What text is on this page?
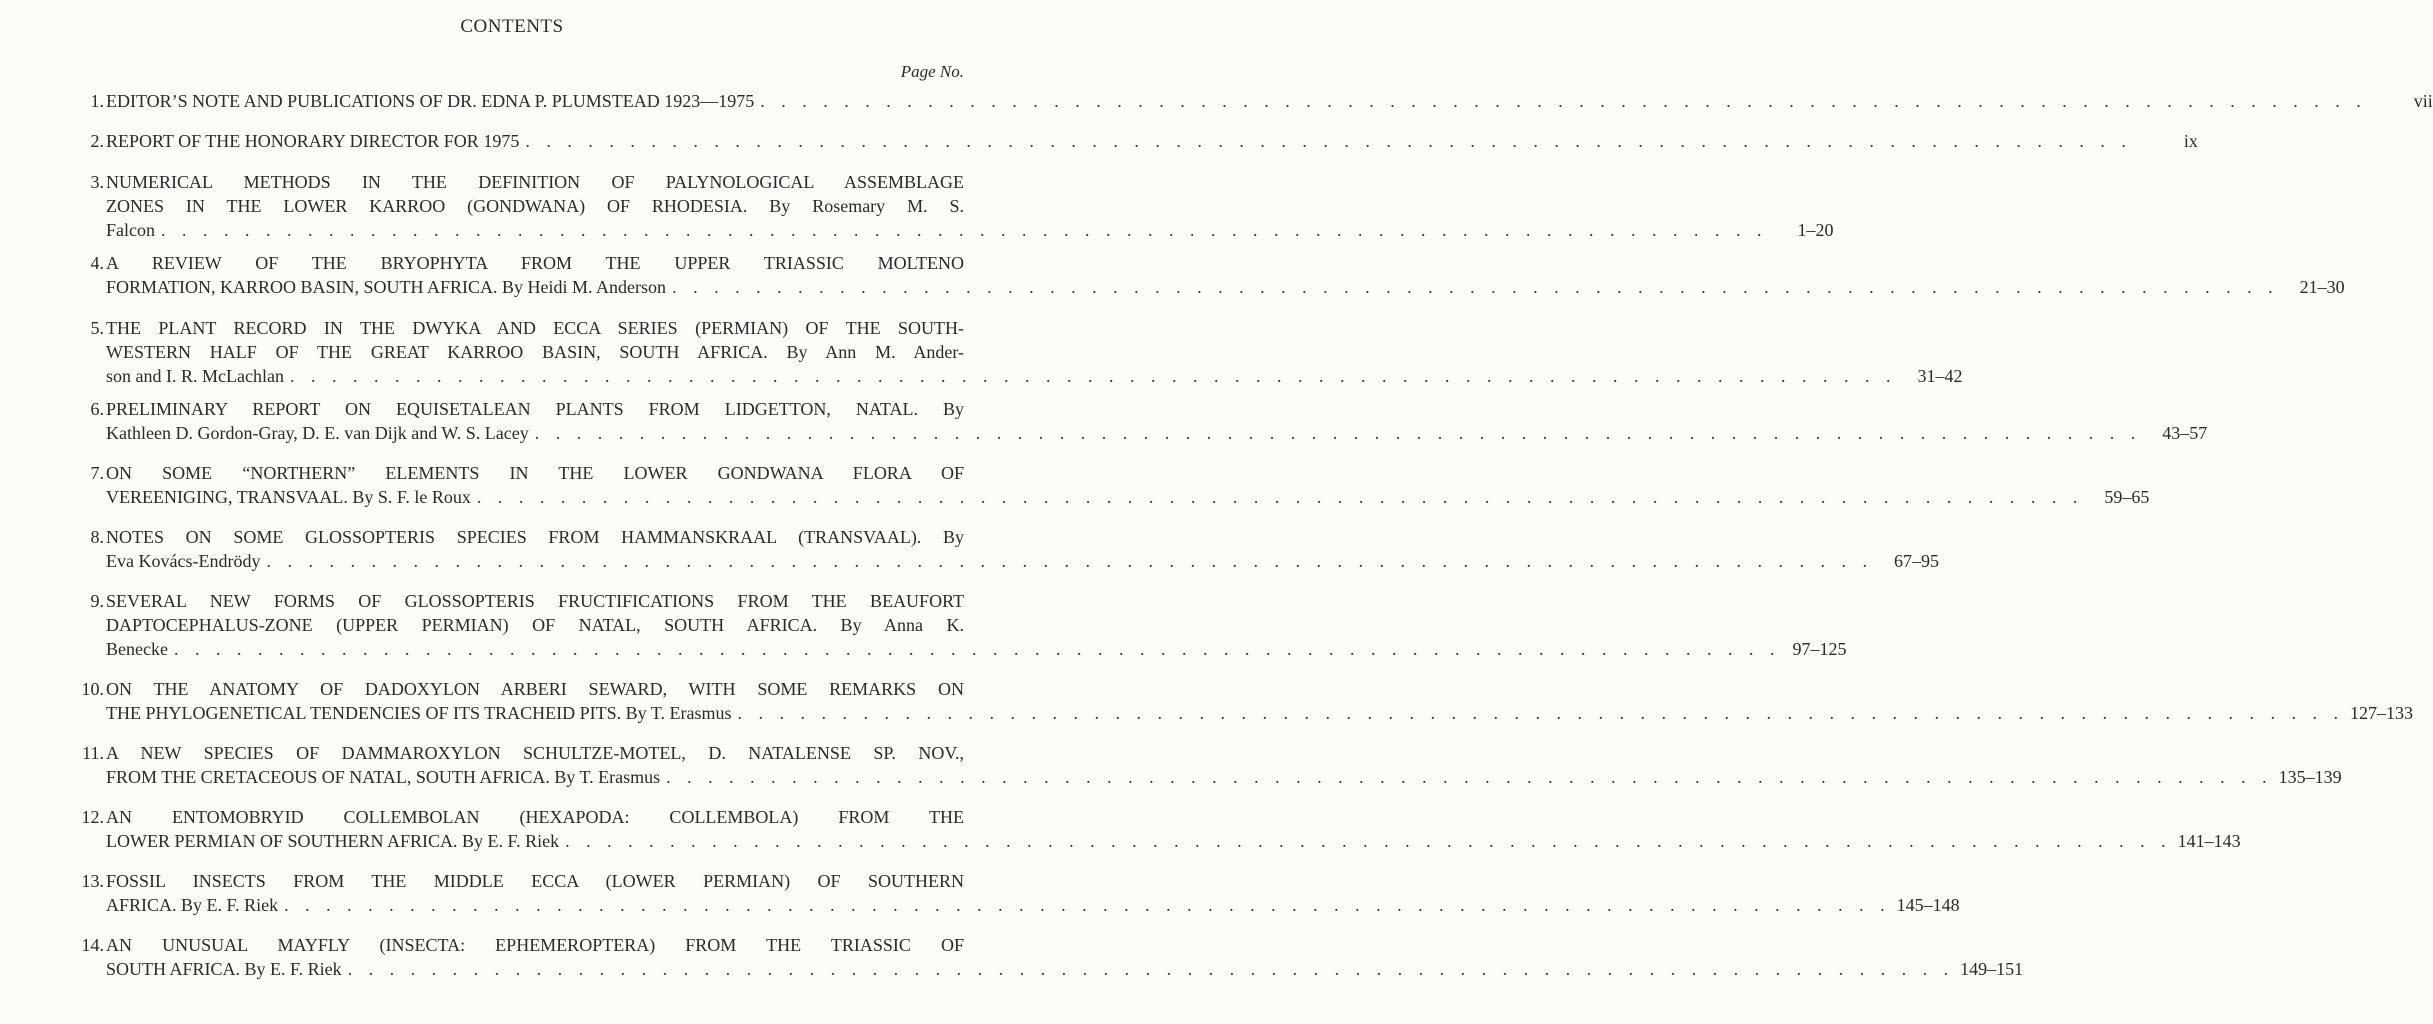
CONTENTS
Page No.
1. EDITOR’S NOTE AND PUBLICATIONS OF DR. EDNA P. PLUMSTEAD 1923—1975 . . . . . . . . . . . . . . . . . . . . . . . . . . . . . . . . . . . . . . . . . . . . . . . . . . . . . . . . . . . . . . . . . . . . . . . . . . . . .	vii
2. REPORT OF THE HONORARY DIRECTOR FOR 1975 . . . . . . . . . . . . . . . . . . . . . . . . . . . . . . . . . . . . . . . . . . . . . . . . . . . . . . . . . . . . . . . . . . . . . . . . . . . . .	ix
3. NUMERICAL METHODS IN THE DEFINITION OF PALYNOLOGICAL ASSEMBLAGE
ZONES IN THE LOWER KARROO (GONDWANA) OF RHODESIA. By Rosemary M. S.
Falcon . . . . . . . . . . . . . . . . . . . . . . . . . . . . . . . . . . . . . . . . . . . . . . . . . . . . . . . . . . . . . . . . . . . . . . . . . . . . .	1–20
4. A REVIEW OF THE BRYOPHYTA FROM THE UPPER TRIASSIC MOLTENO
FORMATION, KARROO BASIN, SOUTH AFRICA. By Heidi M. Anderson . . . . . . . . . . . . . . . . . . . . . . . . . . . . . . . . . . . . . . . . . . . . . . . . . . . . . . . . . . . . . . . . . . . . . . . . . . . . .	21–30
5. THE PLANT RECORD IN THE DWYKA AND ECCA SERIES (PERMIAN) OF THE SOUTH-
WESTERN HALF OF THE GREAT KARROO BASIN, SOUTH AFRICA. By Ann M. Ander-
son and I. R. McLachlan . . . . . . . . . . . . . . . . . . . . . . . . . . . . . . . . . . . . . . . . . . . . . . . . . . . . . . . . . . . . . . . . . . . . . . . . . . . . .	31–42
6. PRELIMINARY REPORT ON EQUISETALEAN PLANTS FROM LIDGETTON, NATAL. By
Kathleen D. Gordon-Gray, D. E. van Dijk and W. S. Lacey . . . . . . . . . . . . . . . . . . . . . . . . . . . . . . . . . . . . . . . . . . . . . . . . . . . . . . . . . . . . . . . . . . . . . . . . . . . . .	43–57
7. ON SOME “NORTHERN” ELEMENTS IN THE LOWER GONDWANA FLORA OF
VEREENIGING, TRANSVAAL. By S. F. le Roux . . . . . . . . . . . . . . . . . . . . . . . . . . . . . . . . . . . . . . . . . . . . . . . . . . . . . . . . . . . . . . . . . . . . . . . . . . . . .	59–65
8. NOTES ON SOME GLOSSOPTERIS SPECIES FROM HAMMANSKRAAL (TRANSVAAL). By
Eva Kovács-Endrödy . . . . . . . . . . . . . . . . . . . . . . . . . . . . . . . . . . . . . . . . . . . . . . . . . . . . . . . . . . . . . . . . . . . . . . . . . . . . .	67–95
9. SEVERAL NEW FORMS OF GLOSSOPTERIS FRUCTIFICATIONS FROM THE BEAUFORT
DAPTOCEPHALUS-ZONE (UPPER PERMIAN) OF NATAL, SOUTH AFRICA. By Anna K.
Benecke . . . . . . . . . . . . . . . . . . . . . . . . . . . . . . . . . . . . . . . . . . . . . . . . . . . . . . . . . . . . . . . . . . . . . . . . . . . . . 97–125
10. ON THE ANATOMY OF DADOXYLON ARBERI SEWARD, WITH SOME REMARKS ON
THE PHYLOGENETICAL TENDENCIES OF ITS TRACHEID PITS. By T. Erasmus . . . . . . . . . . . . . . . . . . . . . . . . . . . . . . . . . . . . . . . . . . . . . . . . . . . . . . . . . . . . . . . . . . . . . . . . . . . . . 127–133
11. A NEW SPECIES OF DAMMAROXYLON SCHULTZE-MOTEL, D. NATALENSE SP. NOV.,
FROM THE CRETACEOUS OF NATAL, SOUTH AFRICA. By T. Erasmus . . . . . . . . . . . . . . . . . . . . . . . . . . . . . . . . . . . . . . . . . . . . . . . . . . . . . . . . . . . . . . . . . . . . . . . . . . . . . 135–139
12. AN ENTOMOBRYID COLLEMBOLAN (HEXAPODA: COLLEMBOLA) FROM THE
LOWER PERMIAN OF SOUTHERN AFRICA. By E. F. Riek . . . . . . . . . . . . . . . . . . . . . . . . . . . . . . . . . . . . . . . . . . . . . . . . . . . . . . . . . . . . . . . . . . . . . . . . . . . . . 141–143
13. FOSSIL INSECTS FROM THE MIDDLE ECCA (LOWER PERMIAN) OF SOUTHERN
AFRICA. By E. F. Riek . . . . . . . . . . . . . . . . . . . . . . . . . . . . . . . . . . . . . . . . . . . . . . . . . . . . . . . . . . . . . . . . . . . . . . . . . . . . . 145–148
14. AN UNUSUAL MAYFLY (INSECTA: EPHEMEROPTERA) FROM THE TRIASSIC OF
SOUTH AFRICA. By E. F. Riek . . . . . . . . . . . . . . . . . . . . . . . . . . . . . . . . . . . . . . . . . . . . . . . . . . . . . . . . . . . . . . . . . . . . . . . . . . . . . 149–151
